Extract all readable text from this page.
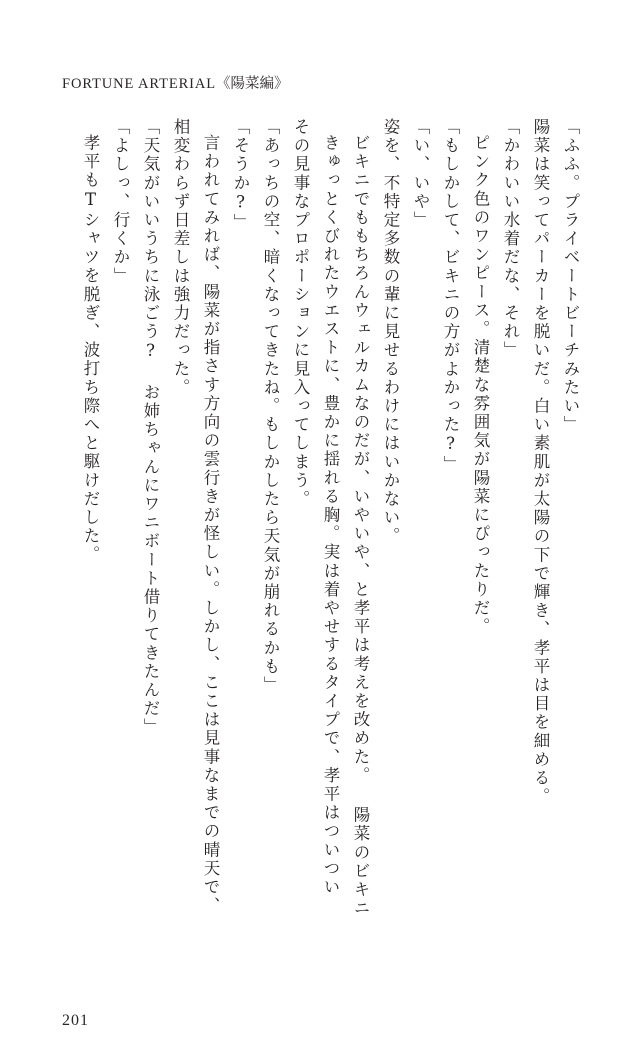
FORTUNE ARTERIAL《陽菜編》
「ふふ。プライベートビーチみたい」
陽菜は笑ってパーカーを脱いだ。白い素肌が太陽の下で輝き、孝平は目を細める。
「かわいい水着だな、それ」
ピンク色のワンピース。清楚な雰囲気が陽菜にぴったりだ。
「もしかして、ビキニの方がよかった?」
「い、いや」
姿を、不特定多数の輩に見せるわけにはいかない。
ビキニでももちろんウェルカムなのだが、いやいや、と孝平は考えを改めた。 陽菜のビキニ
きゅっとくびれたウエストに、豊かに揺れる胸。実は着やせするタイプで、孝平はついつい
その見事なプロポーションに見入ってしまう。
「あっちの空、暗くなってきたね。もしかしたら天気が崩れるかも」
「そうか?」
言われてみれば、陽菜が指さす方向の雲行きが怪しい。しかし、ここは見事なまでの晴天で、
相変わらず日差しは強力だった。
「天気がいいうちに泳ごう? お姉ちゃんにワニボート借りてきたんだ」
「よしっ、行くか」
孝平もTシャツを脱ぎ、波打ち際へと駆けだした。
201
